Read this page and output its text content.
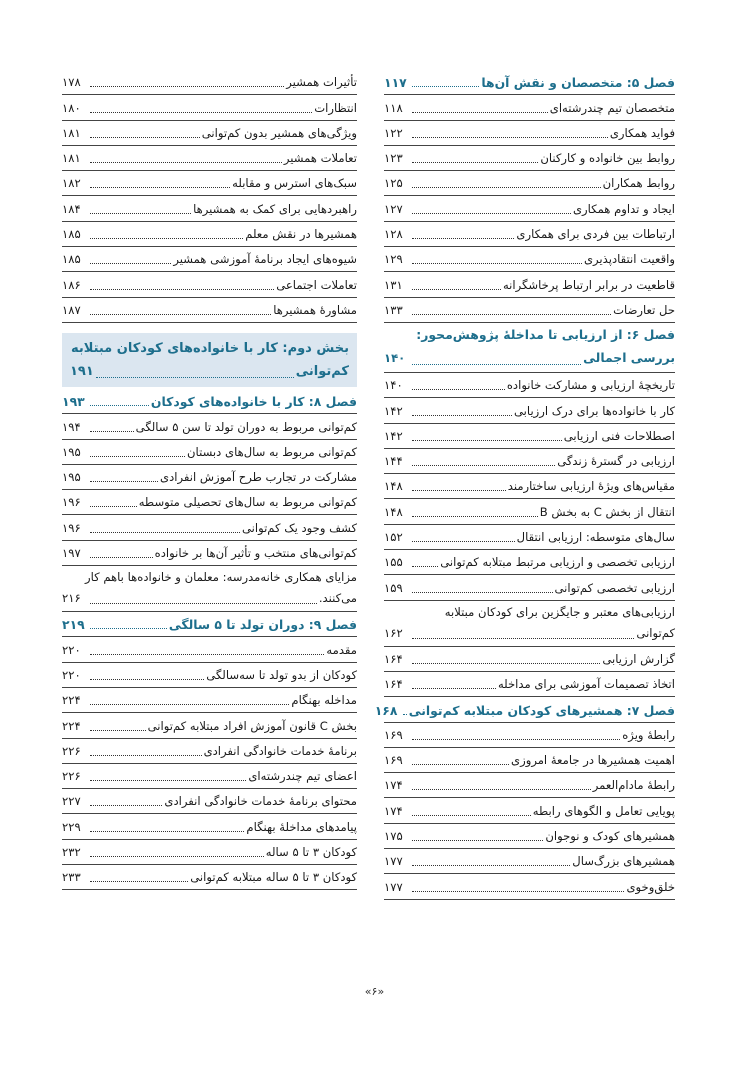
فصل ۵: متخصصان و نقش آن‌ها
۱۱۷
متخصصان تیم چندرشته‌ای
۱۱۸
فواید همکاری
۱۲۲
روابط بین خانواده و کارکنان
۱۲۳
روابط همکاران
۱۲۵
ایجاد و تداوم همکاری
۱۲۷
ارتباطات بین فردی برای همکاری
۱۲۸
واقعیت انتقادپذیری
۱۲۹
قاطعیت در برابر ارتباط پرخاشگرانه
۱۳۱
حل تعارضات
۱۳۳
فصل ۶: از ارزیابی تا مداخلهٔ پژوهش‌محور:
بررسی اجمالی
۱۴۰
تاریخچهٔ ارزیابی و مشارکت خانواده
۱۴۰
کار با خانواده‌ها برای درک ارزیابی
۱۴۲
اصطلاحات فنی ارزیابی
۱۴۲
ارزیابی در گسترهٔ زندگی
۱۴۴
مقیاس‌های ویژهٔ ارزیابی ساختارمند
۱۴۸
انتقال از بخش C به بخش B
۱۴۸
سال‌های متوسطه: ارزیابی انتقال
۱۵۲
ارزیابی تخصصی و ارزیابی مرتبط مبتلابه کم‌توانی
۱۵۵
ارزیابی تخصصی کم‌توانی
۱۵۹
ارزیابی‌های معتبر و جایگزین برای کودکان مبتلابه
کم‌توانی
۱۶۲
گزارش ارزیابی
۱۶۴
اتخاذ تصمیمات آموزشی برای مداخله
۱۶۴
فصل ۷: همشیرهای کودکان مبتلابه کم‌توانی
۱۶۸
رابطهٔ ویژه
۱۶۹
اهمیت همشیرها در جامعهٔ امروزی
۱۶۹
رابطهٔ مادام‌العمر
۱۷۴
پویایی تعامل و الگوهای رابطه
۱۷۴
همشیرهای کودک و نوجوان
۱۷۵
همشیرهای بزرگ‌سال
۱۷۷
خلق‌وخوی
۱۷۷
تأثیرات همشیر
۱۷۸
انتظارات
۱۸۰
ویژگی‌های همشیر بدون کم‌توانی
۱۸۱
تعاملات همشیر
۱۸۱
سبک‌های استرس و مقابله
۱۸۲
راهبردهایی برای کمک به همشیرها
۱۸۴
همشیرها در نقش معلم
۱۸۵
شیوه‌های ایجاد برنامهٔ آموزشی همشیر
۱۸۵
تعاملات اجتماعی
۱۸۶
مشاورهٔ همشیرها
۱۸۷
بخش دوم: کار با خانواده‌های کودکان مبتلابه
کم‌توانی
۱۹۱
فصل ۸: کار با خانواده‌های کودکان
۱۹۳
کم‌توانی مربوط به دوران تولد تا سن ۵ سالگی
۱۹۴
کم‌توانی مربوط به سال‌های دبستان
۱۹۵
مشارکت در تجارب طرح آموزش انفرادی
۱۹۵
کم‌توانی مربوط به سال‌های تحصیلی متوسطه
۱۹۶
کشف وجود یک کم‌توانی
۱۹۶
کم‌توانی‌های منتخب و تأثیر آن‌ها بر خانواده
۱۹۷
مزایای همکاری خانه‌مدرسه: معلمان و خانواده‌ها باهم کار
می‌کنند.
۲۱۶
فصل ۹: دوران تولد تا ۵ سالگی
۲۱۹
مقدمه
۲۲۰
کودکان از بدو تولد تا سه‌سالگی
۲۲۰
مداخله بهنگام
۲۲۴
بخش C قانون آموزش افراد مبتلابه کم‌توانی
۲۲۴
برنامهٔ خدمات خانوادگی انفرادی
۲۲۶
اعضای تیم چندرشته‌ای
۲۲۶
محتوای برنامهٔ خدمات خانوادگی انفرادی
۲۲۷
پیامدهای مداخلهٔ بهنگام
۲۲۹
کودکان ۳ تا ۵ ساله
۲۳۲
کودکان ۳ تا ۵ ساله مبتلابه کم‌توانی
۲۳۳
«۶»
